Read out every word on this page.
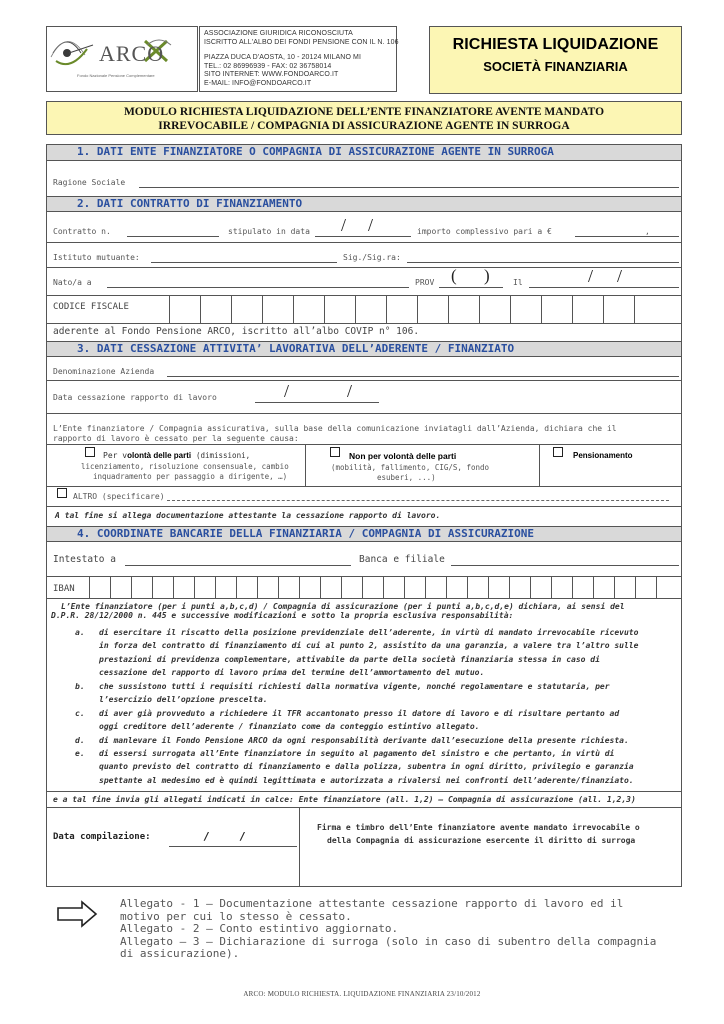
ARCO
Fondo Nazionale Pensione Complementare
ASSOCIAZIONE GIURIDICA RICONOSCIUTA
ISCRITTO ALL'ALBO DEI FONDI PENSIONE CON IL N. 106
PIAZZA DUCA D'AOSTA, 10 - 20124 MILANO MI
TEL.: 02 86996939 - FAX: 02 36758014
SITO INTERNET: WWW.FONDOARCO.IT
E-MAIL: INFO@FONDOARCO.IT
RICHIESTA LIQUIDAZIONE
SOCIETÀ FINANZIARIA
MODULO RICHIESTA LIQUIDAZIONE DELL’ENTE FINANZIATORE AVENTE MANDATO
IRREVOCABILE / COMPAGNIA DI ASSICURAZIONE AGENTE IN SURROGA
1. DATI ENTE FINANZIATORE O COMPAGNIA DI ASSICURAZIONE AGENTE IN SURROGA
Ragione Sociale
2. DATI CONTRATTO DI FINANZIAMENTO
Contratto n.	stipulato in data / /	importo complessivo pari a €	,
Istituto mutuante:	Sig./Sig.ra:
Nato/a a	PROV ( )	Il	/ /
CODICE FISCALE
aderente al Fondo Pensione ARCO, iscritto all’albo COVIP n° 106.
3. DATI CESSAZIONE ATTIVITA’ LAVORATIVA DELL’ADERENTE / FINANZIATO
Denominazione Azienda
Data cessazione rapporto di lavoro	/	/
L’Ente finanziatore / Compagnia assicurativa, sulla base della comunicazione inviatagli dall’Azienda, dichiara che il
rapporto di lavoro è cessato per la seguente causa:
Per volontà delle parti (dimissioni,
licenziamento, risoluzione consensuale, cambio
inquadramento per passaggio a dirigente, …)
Non per volontà delle parti
(mobilità, fallimento, CIG/S, fondo
esuberi, ...)
Pensionamento
ALTRO (specificare)
A tal fine si allega documentazione attestante la cessazione rapporto di lavoro.
4. COORDINATE BANCARIE DELLA FINANZIARIA / COMPAGNIA DI ASSICURAZIONE
Intestato a	Banca e filiale
IBAN
L’Ente finanziatore (per i punti a,b,c,d) / Compagnia di assicurazione (per i punti a,b,c,d,e) dichiara, ai sensi del
D.P.R. 28/12/2000 n. 445 e successive modificazioni e sotto la propria esclusiva responsabilità:
a. di esercitare il riscatto della posizione previdenziale dell’aderente, in virtù di mandato irrevocabile ricevuto
in forza del contratto di finanziamento di cui al punto 2, assistito da una garanzia, a valere tra l’altro sulle
prestazioni di previdenza complementare, attivabile da parte della società finanziaria stessa in caso di
cessazione del rapporto di lavoro prima del termine dell’ammortamento del mutuo.
b. che sussistono tutti i requisiti richiesti dalla normativa vigente, nonché regolamentare e statutaria, per
l’esercizio dell’opzione prescelta.
c. di aver già provveduto a richiedere il TFR accantonato presso il datore di lavoro e di risultare pertanto ad
oggi creditore dell’aderente / finanziato come da conteggio estintivo allegato.
d. di manlevare il Fondo Pensione ARCO da ogni responsabilità derivante dall’esecuzione della presente richiesta.
e. di essersi surrogata all’Ente finanziatore in seguito al pagamento del sinistro e che pertanto, in virtù di
quanto previsto del contratto di finanziamento e dalla polizza, subentra in ogni diritto, privilegio e garanzia
spettante al medesimo ed è quindi legittimata e autorizzata a rivalersi nei confronti dell’aderente/finanziato.
e a tal fine invia gli allegati indicati in calce: Ente finanziatore (all. 1,2) – Compagnia di assicurazione (all. 1,2,3)
Data compilazione:	/	/
Firma e timbro dell’Ente finanziatore avente mandato irrevocabile o
della Compagnia di assicurazione esercente il diritto di surroga
Allegato - 1 – Documentazione attestante cessazione rapporto di lavoro ed il
motivo per cui lo stesso è cessato.
Allegato - 2 – Conto estintivo aggiornato.
Allegato – 3 – Dichiarazione di surroga (solo in caso di subentro della compagnia
di assicurazione).
ARCO: MODULO RICHIESTA. LIQUIDAZIONE FINANZIARIA 23/10/2012
